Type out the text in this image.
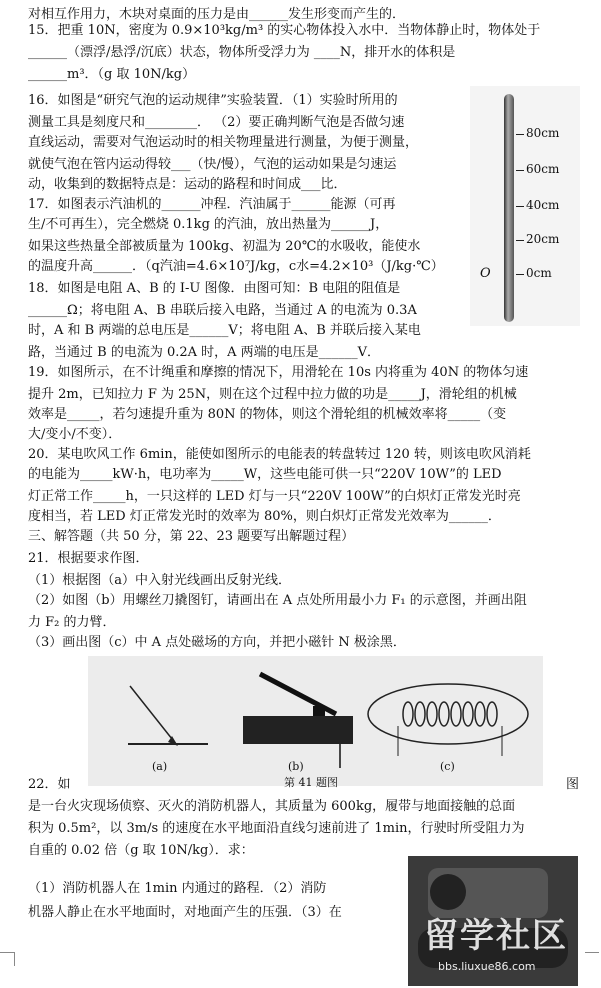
对相互作用力，木块对桌面的压力是由______发生形变而产生的．
15．把重 10N，密度为 0.9×10³kg/m³ 的实心物体投入水中．当物体静止时，物体处于
______（漂浮/悬浮/沉底）状态，物体所受浮力为 ____N，排开水的体积是
______m³．（g 取 10N/kg）
16．如图是“研究气泡的运动规律”实验装置．（1）实验时所用的
测量工具是刻度尺和________． （2）要正确判断气泡是否做匀速
直线运动，需要对气泡运动时的相关物理量进行测量，为便于测量，
就使气泡在管内运动得较___（快/慢），气泡的运动如果是匀速运
动，收集到的数据特点是：运动的路程和时间成___比．
17．如图表示汽油机的______冲程．汽油属于______能源（可再
生/不可再生），完全燃烧 0.1kg 的汽油，放出热量为______J，
如果这些热量全部被质量为 100kg、初温为 20℃的水吸收，能使水
的温度升高______．（q汽油=4.6×10⁷J/kg，c水=4.2×10³（J/kg·℃）
18．如图是电阻 A、B 的 I-U 图像．由图可知：B 电阻的阻值是
______Ω；将电阻 A、B 串联后接入电路，当通过 A 的电流为 0.3A
时，A 和 B 两端的总电压是______V；将电阻 A、B 并联后接入某电
路，当通过 B 的电流为 0.2A 时，A 两端的电压是______V．
19．如图所示，在不计绳重和摩擦的情况下，用滑轮在 10s 内将重为 40N 的物体匀速
提升 2m，已知拉力 F 为 25N，则在这个过程中拉力做的功是_____J，滑轮组的机械
效率是_____，若匀速提升重为 80N 的物体，则这个滑轮组的机械效率将_____（变
大/变小/不变）．
20．某电吹风工作 6min，能使如图所示的电能表的转盘转过 120 转，则该电吹风消耗
的电能为_____kW·h，电功率为_____W，这些电能可供一只“220V 10W”的 LED
灯正常工作_____h，一只这样的 LED 灯与一只“220V 100W”的白炽灯正常发光时亮
度相当，若 LED 灯正常发光时的效率为 80%，则白炽灯正常发光效率为______．
三、解答题（共 50 分，第 22、23 题要写出解题过程）
21．根据要求作图．
（1）根据图（a）中入射光线画出反射光线．
（2）如图（b）用螺丝刀撬图钉，请画出在 A 点处所用最小力 F₁ 的示意图，并画出阻
力 F₂ 的力臂．
（3）画出图（c）中 A 点处磁场的方向，并把小磁针 N 极涂黑．
80cm
60cm
40cm
20cm
0cm
O
(a)	(b)	(c)
第 41 题图
22．如	图
是一台火灾现场侦察、灭火的消防机器人，其质量为 600kg，履带与地面接触的总面
积为 0.5m²，以 3m/s 的速度在水平地面沿直线匀速前进了 1min，行驶时所受阻力为
自重的 0.02 倍（g 取 10N/kg）．求：
（1）消防机器人在 1min 内通过的路程．（2）消防
机器人静止在水平地面时，对地面产生的压强．（3）在
留学社区
bbs.liuxue86.com
